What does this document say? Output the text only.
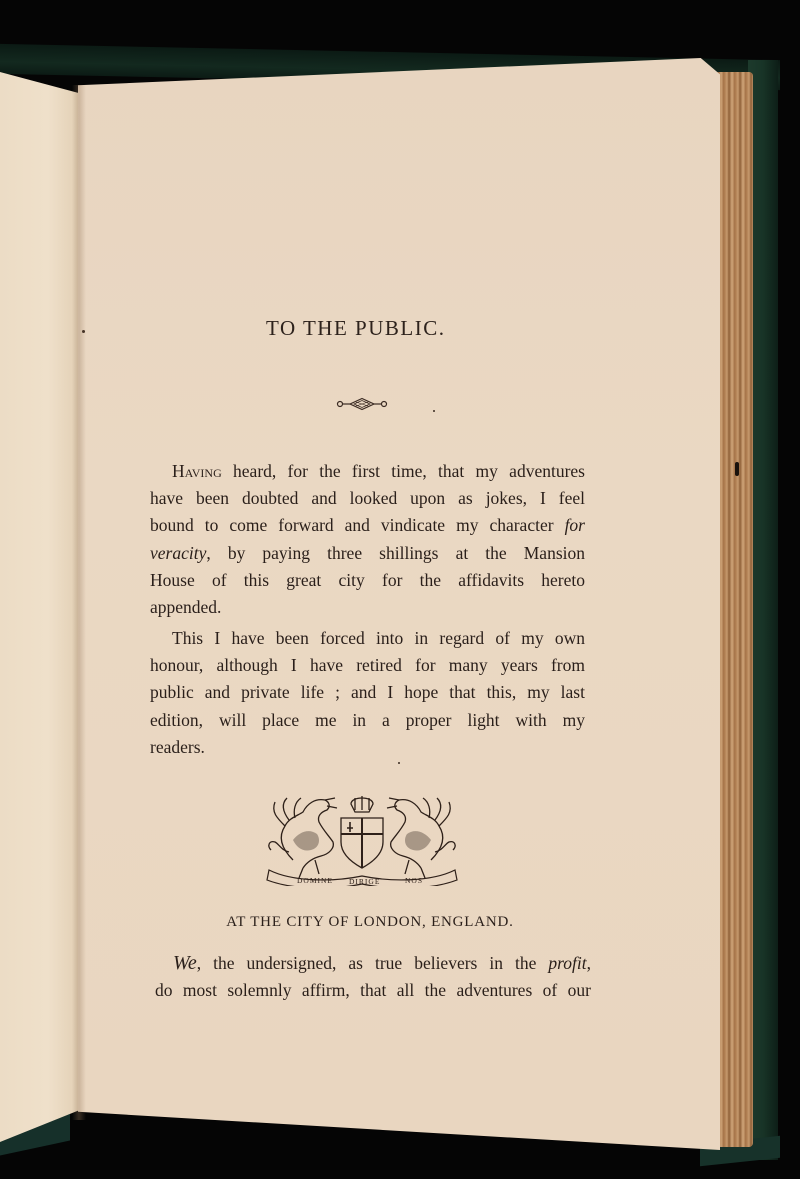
TO THE PUBLIC.
Having heard, for the first time, that my adventures
have been doubted and looked upon as jokes, I feel
bound to come forward and vindicate my character for
veracity, by paying three shillings at the Mansion
House of this great city for the affidavits hereto
appended.
This I have been forced into in regard of my own
honour, although I have retired for many years from
public and private life ; and I hope that this, my last
edition, will place me in a proper light with my
readers.
DOMINE DIRIGE	NOS
AT THE CITY OF LONDON, ENGLAND.
We, the undersigned, as true believers in the profit,
do most solemnly affirm, that all the adventures of our
